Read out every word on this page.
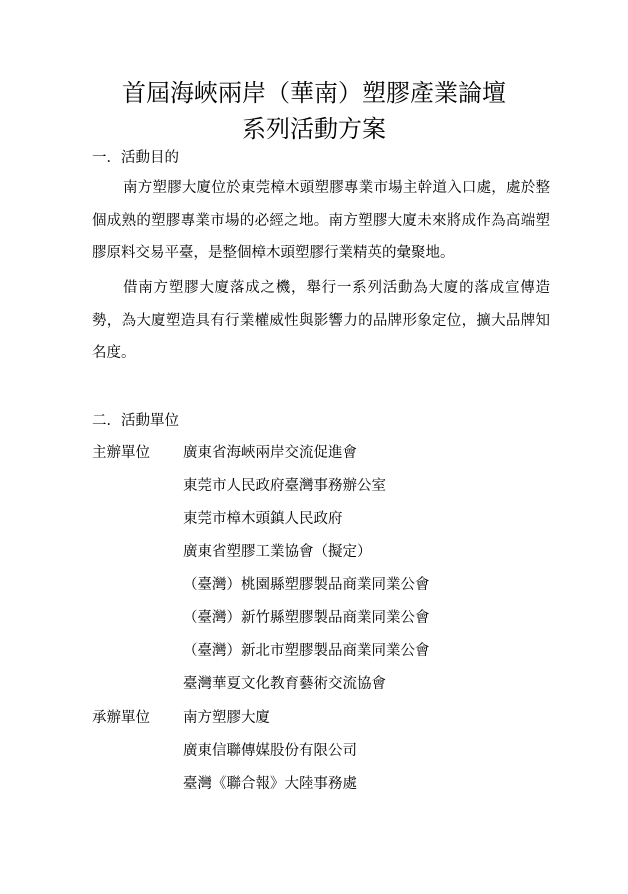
首屆海峽兩岸（華南）塑膠產業論壇
系列活動方案
一．活動目的
南方塑膠大廈位於東莞樟木頭塑膠專業市場主幹道入口處，處於整個成熟的塑膠專業市場的必經之地。南方塑膠大廈未來將成作為高端塑膠原料交易平臺，是整個樟木頭塑膠行業精英的彙聚地。
借南方塑膠大廈落成之機，舉行一系列活動為大廈的落成宣傳造勢，為大廈塑造具有行業權威性與影響力的品牌形象定位，擴大品牌知名度。
二．活動單位
主辦單位 廣東省海峽兩岸交流促進會
東莞市人民政府臺灣事務辦公室
東莞市樟木頭鎮人民政府
廣東省塑膠工業協會（擬定）
（臺灣）桃園縣塑膠製品商業同業公會
（臺灣）新竹縣塑膠製品商業同業公會
（臺灣）新北市塑膠製品商業同業公會
臺灣華夏文化教育藝術交流協會
承辦單位 南方塑膠大廈
廣東信聯傳媒股份有限公司
臺灣《聯合報》大陸事務處
